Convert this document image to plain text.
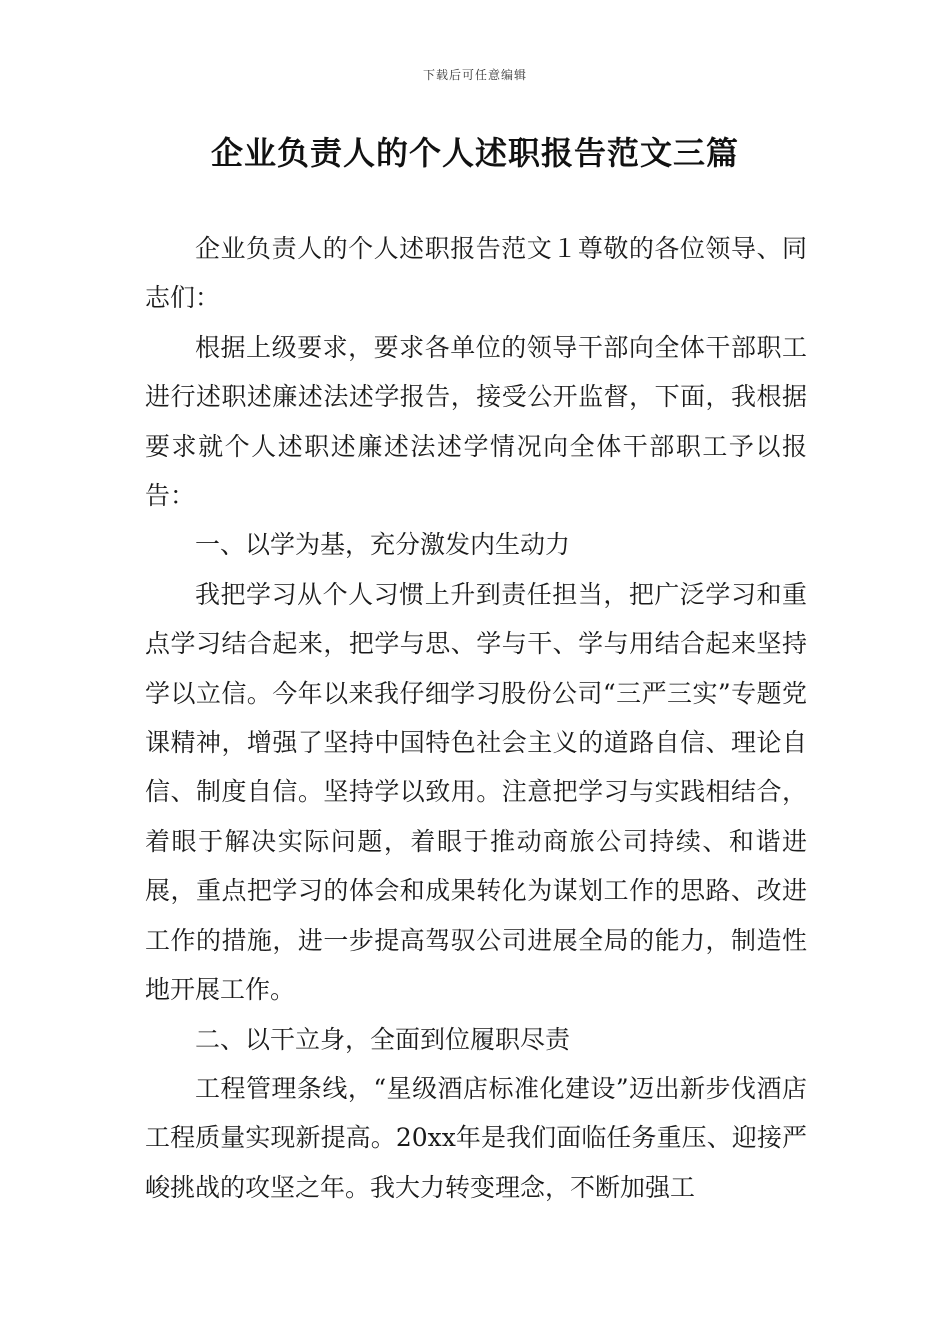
下载后可任意编辑
企业负责人的个人述职报告范文三篇

企业负责人的个人述职报告范文１尊敬的各位领导、同志们：

根据上级要求，要求各单位的领导干部向全体干部职工进行述职述廉述法述学报告，接受公开监督，下面，我根据要求就个人述职述廉述法述学情况向全体干部职工予以报告：

一、以学为基，充分激发内生动力

我把学习从个人习惯上升到责任担当，把广泛学习和重点学习结合起来，把学与思、学与干、学与用结合起来坚持学以立信。今年以来我仔细学习股份公司“三严三实”专题党课精神，增强了坚持中国特色社会主义的道路自信、理论自信、制度自信。坚持学以致用。注意把学习与实践相结合，着眼于解决实际问题，着眼于推动商旅公司持续、和谐进展，重点把学习的体会和成果转化为谋划工作的思路、改进工作的措施，进一步提高驾驭公司进展全局的能力，制造性地开展工作。

二、以干立身，全面到位履职尽责

工程管理条线，“星级酒店标准化建设”迈出新步伐酒店工程质量实现新提高。20xx年是我们面临任务重压、迎接严峻挑战的攻坚之年。我大力转变理念，不断加强工
